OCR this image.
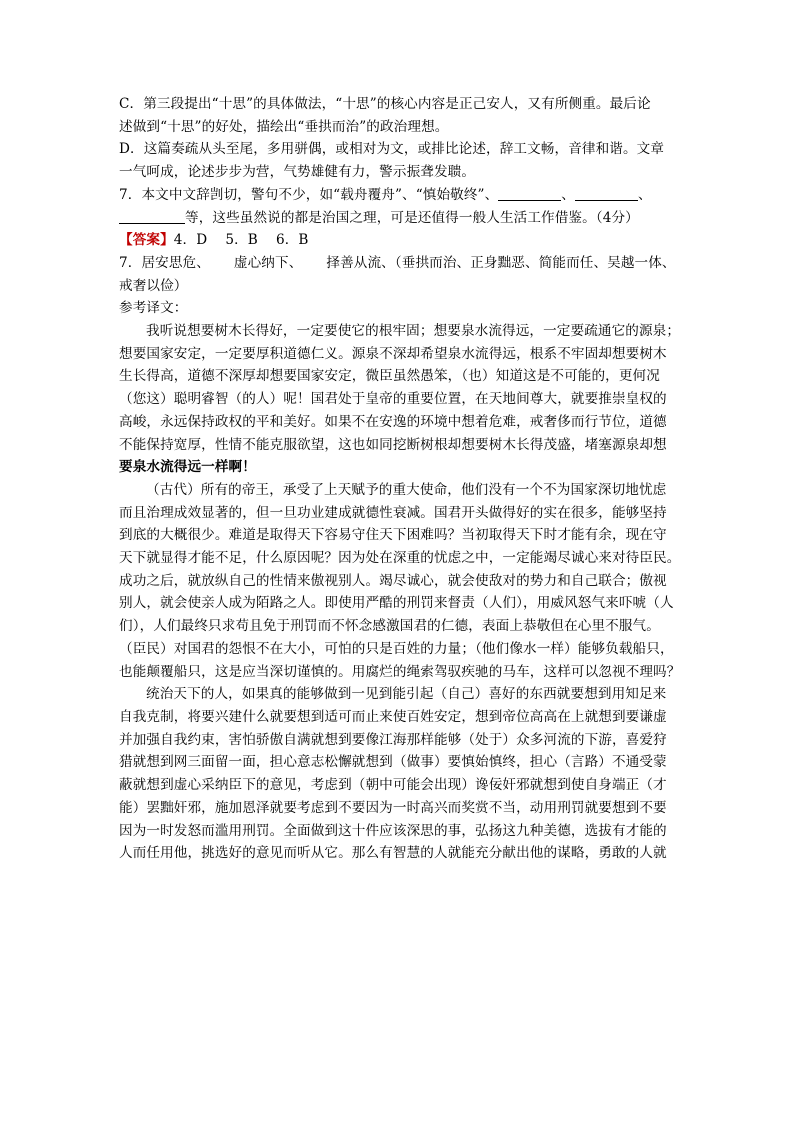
C．第三段提出“十思”的具体做法，“十思”的核心内容是正己安人，又有所侧重。最后论
述做到“十思”的好处，描绘出“垂拱而治”的政治理想。
D．这篇奏疏从头至尾，多用骈偶，或相对为文，或排比论述，辞工文畅，音律和谐。文章
一气呵成，论述步步为营，气势雄健有力，警示振聋发聩。
7．本文中文辞剀切，警句不少，如“载舟覆舟”、“慎始敬终”、	、	、
等，这些虽然说的都是治国之理，可是还值得一般人生活工作借鉴。（4分）
【答案】4．D　 5．B　 6．B
7．居安思危、 虚心纳下、 择善从流、（垂拱而治、正身黜恶、简能而任、吴越一体、
戒奢以俭）
参考译文：
我听说想要树木长得好，一定要使它的根牢固；想要泉水流得远，一定要疏通它的源泉；
想要国家安定，一定要厚积道德仁义。源泉不深却希望泉水流得远，根系不牢固却想要树木
生长得高，道德不深厚却想要国家安定，微臣虽然愚笨，（也）知道这是不可能的，更何况
（您这）聪明睿智（的人）呢！国君处于皇帝的重要位置，在天地间尊大，就要推崇皇权的
高峻，永远保持政权的平和美好。如果不在安逸的环境中想着危难，戒奢侈而行节位，道德
不能保持宽厚，性情不能克服欲望，这也如同挖断树根却想要树木长得茂盛，堵塞源泉却想
要泉水流得远一样啊！
（古代）所有的帝王，承受了上天赋予的重大使命，他们没有一个不为国家深切地忧虑
而且治理成效显著的，但一旦功业建成就德性衰减。国君开头做得好的实在很多，能够坚持
到底的大概很少。难道是取得天下容易守住天下困难吗？当初取得天下时才能有余，现在守
天下就显得才能不足，什么原因呢？因为处在深重的忧虑之中，一定能竭尽诚心来对待臣民。
成功之后，就放纵自己的性情来傲视别人。竭尽诚心，就会使敌对的势力和自己联合；傲视
别人，就会使亲人成为陌路之人。即使用严酷的刑罚来督责（人们），用威风怒气来吓唬（人
们），人们最终只求苟且免于刑罚而不怀念感激国君的仁德，表面上恭敬但在心里不服气。
（臣民）对国君的怨恨不在大小，可怕的只是百姓的力量；（他们像水一样）能够负载船只，
也能颠覆船只，这是应当深切谨慎的。用腐烂的绳索驾驭疾驰的马车，这样可以忽视不理吗？
统治天下的人，如果真的能够做到一见到能引起（自己）喜好的东西就要想到用知足来
自我克制，将要兴建什么就要想到适可而止来使百姓安定，想到帝位高高在上就想到要谦虚
并加强自我约束，害怕骄傲自满就想到要像江海那样能够（处于）众多河流的下游，喜爱狩
猎就想到网三面留一面，担心意志松懈就想到（做事）要慎始慎终，担心（言路）不通受蒙
蔽就想到虚心采纳臣下的意见，考虑到（朝中可能会出现）谗佞奸邪就想到使自身端正（才
能）罢黜奸邪，施加恩泽就要考虑到不要因为一时高兴而奖赏不当，动用刑罚就要想到不要
因为一时发怒而滥用刑罚。全面做到这十件应该深思的事，弘扬这九种美德，选拔有才能的
人而任用他，挑选好的意见而听从它。那么有智慧的人就能充分献出他的谋略，勇敢的人就
